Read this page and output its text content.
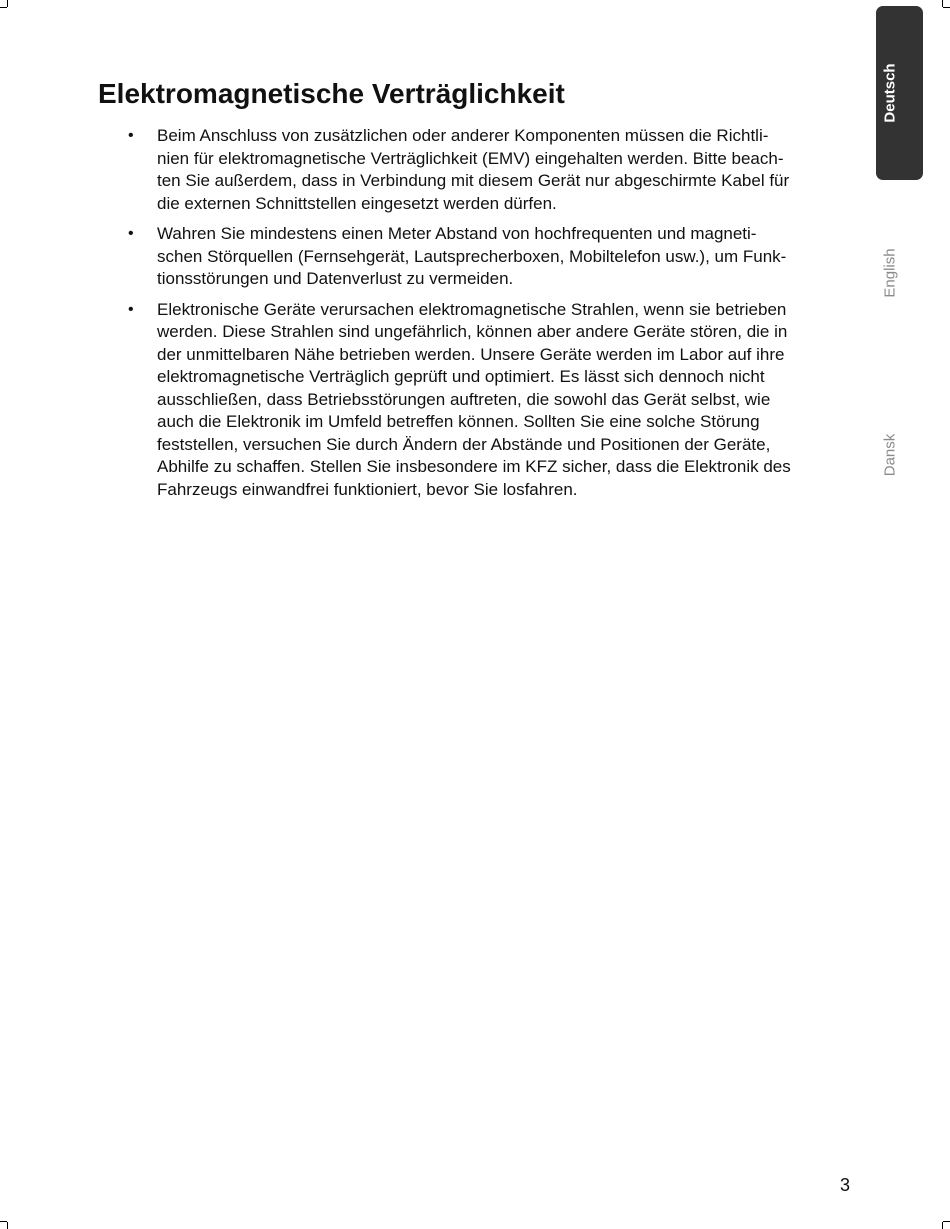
Elektromagnetische Verträglichkeit
• Beim Anschluss von zusätzlichen oder anderer Komponenten müssen die Richtli-
nien für elektromagnetische Verträglichkeit (EMV) eingehalten werden. Bitte beach-
ten Sie außerdem, dass in Verbindung mit diesem Gerät nur abgeschirmte Kabel für
die externen Schnittstellen eingesetzt werden dürfen.
• Wahren Sie mindestens einen Meter Abstand von hochfrequenten und magneti-
schen Störquellen (Fernsehgerät, Lautsprecherboxen, Mobiltelefon usw.), um Funk-
tionsstörungen und Datenverlust zu vermeiden.
• Elektronische Geräte verursachen elektromagnetische Strahlen, wenn sie betrieben
werden. Diese Strahlen sind ungefährlich, können aber andere Geräte stören, die in
der unmittelbaren Nähe betrieben werden. Unsere Geräte werden im Labor auf ihre
elektromagnetische Verträglich geprüft und optimiert. Es lässt sich dennoch nicht
ausschließen, dass Betriebsstörungen auftreten, die sowohl das Gerät selbst, wie
auch die Elektronik im Umfeld betreffen können. Sollten Sie eine solche Störung
feststellen, versuchen Sie durch Ändern der Abstände und Positionen der Geräte,
Abhilfe zu schaffen. Stellen Sie insbesondere im KFZ sicher, dass die Elektronik des
Fahrzeugs einwandfrei funktioniert, bevor Sie losfahren.
Deutsch
English
Dansk
3
